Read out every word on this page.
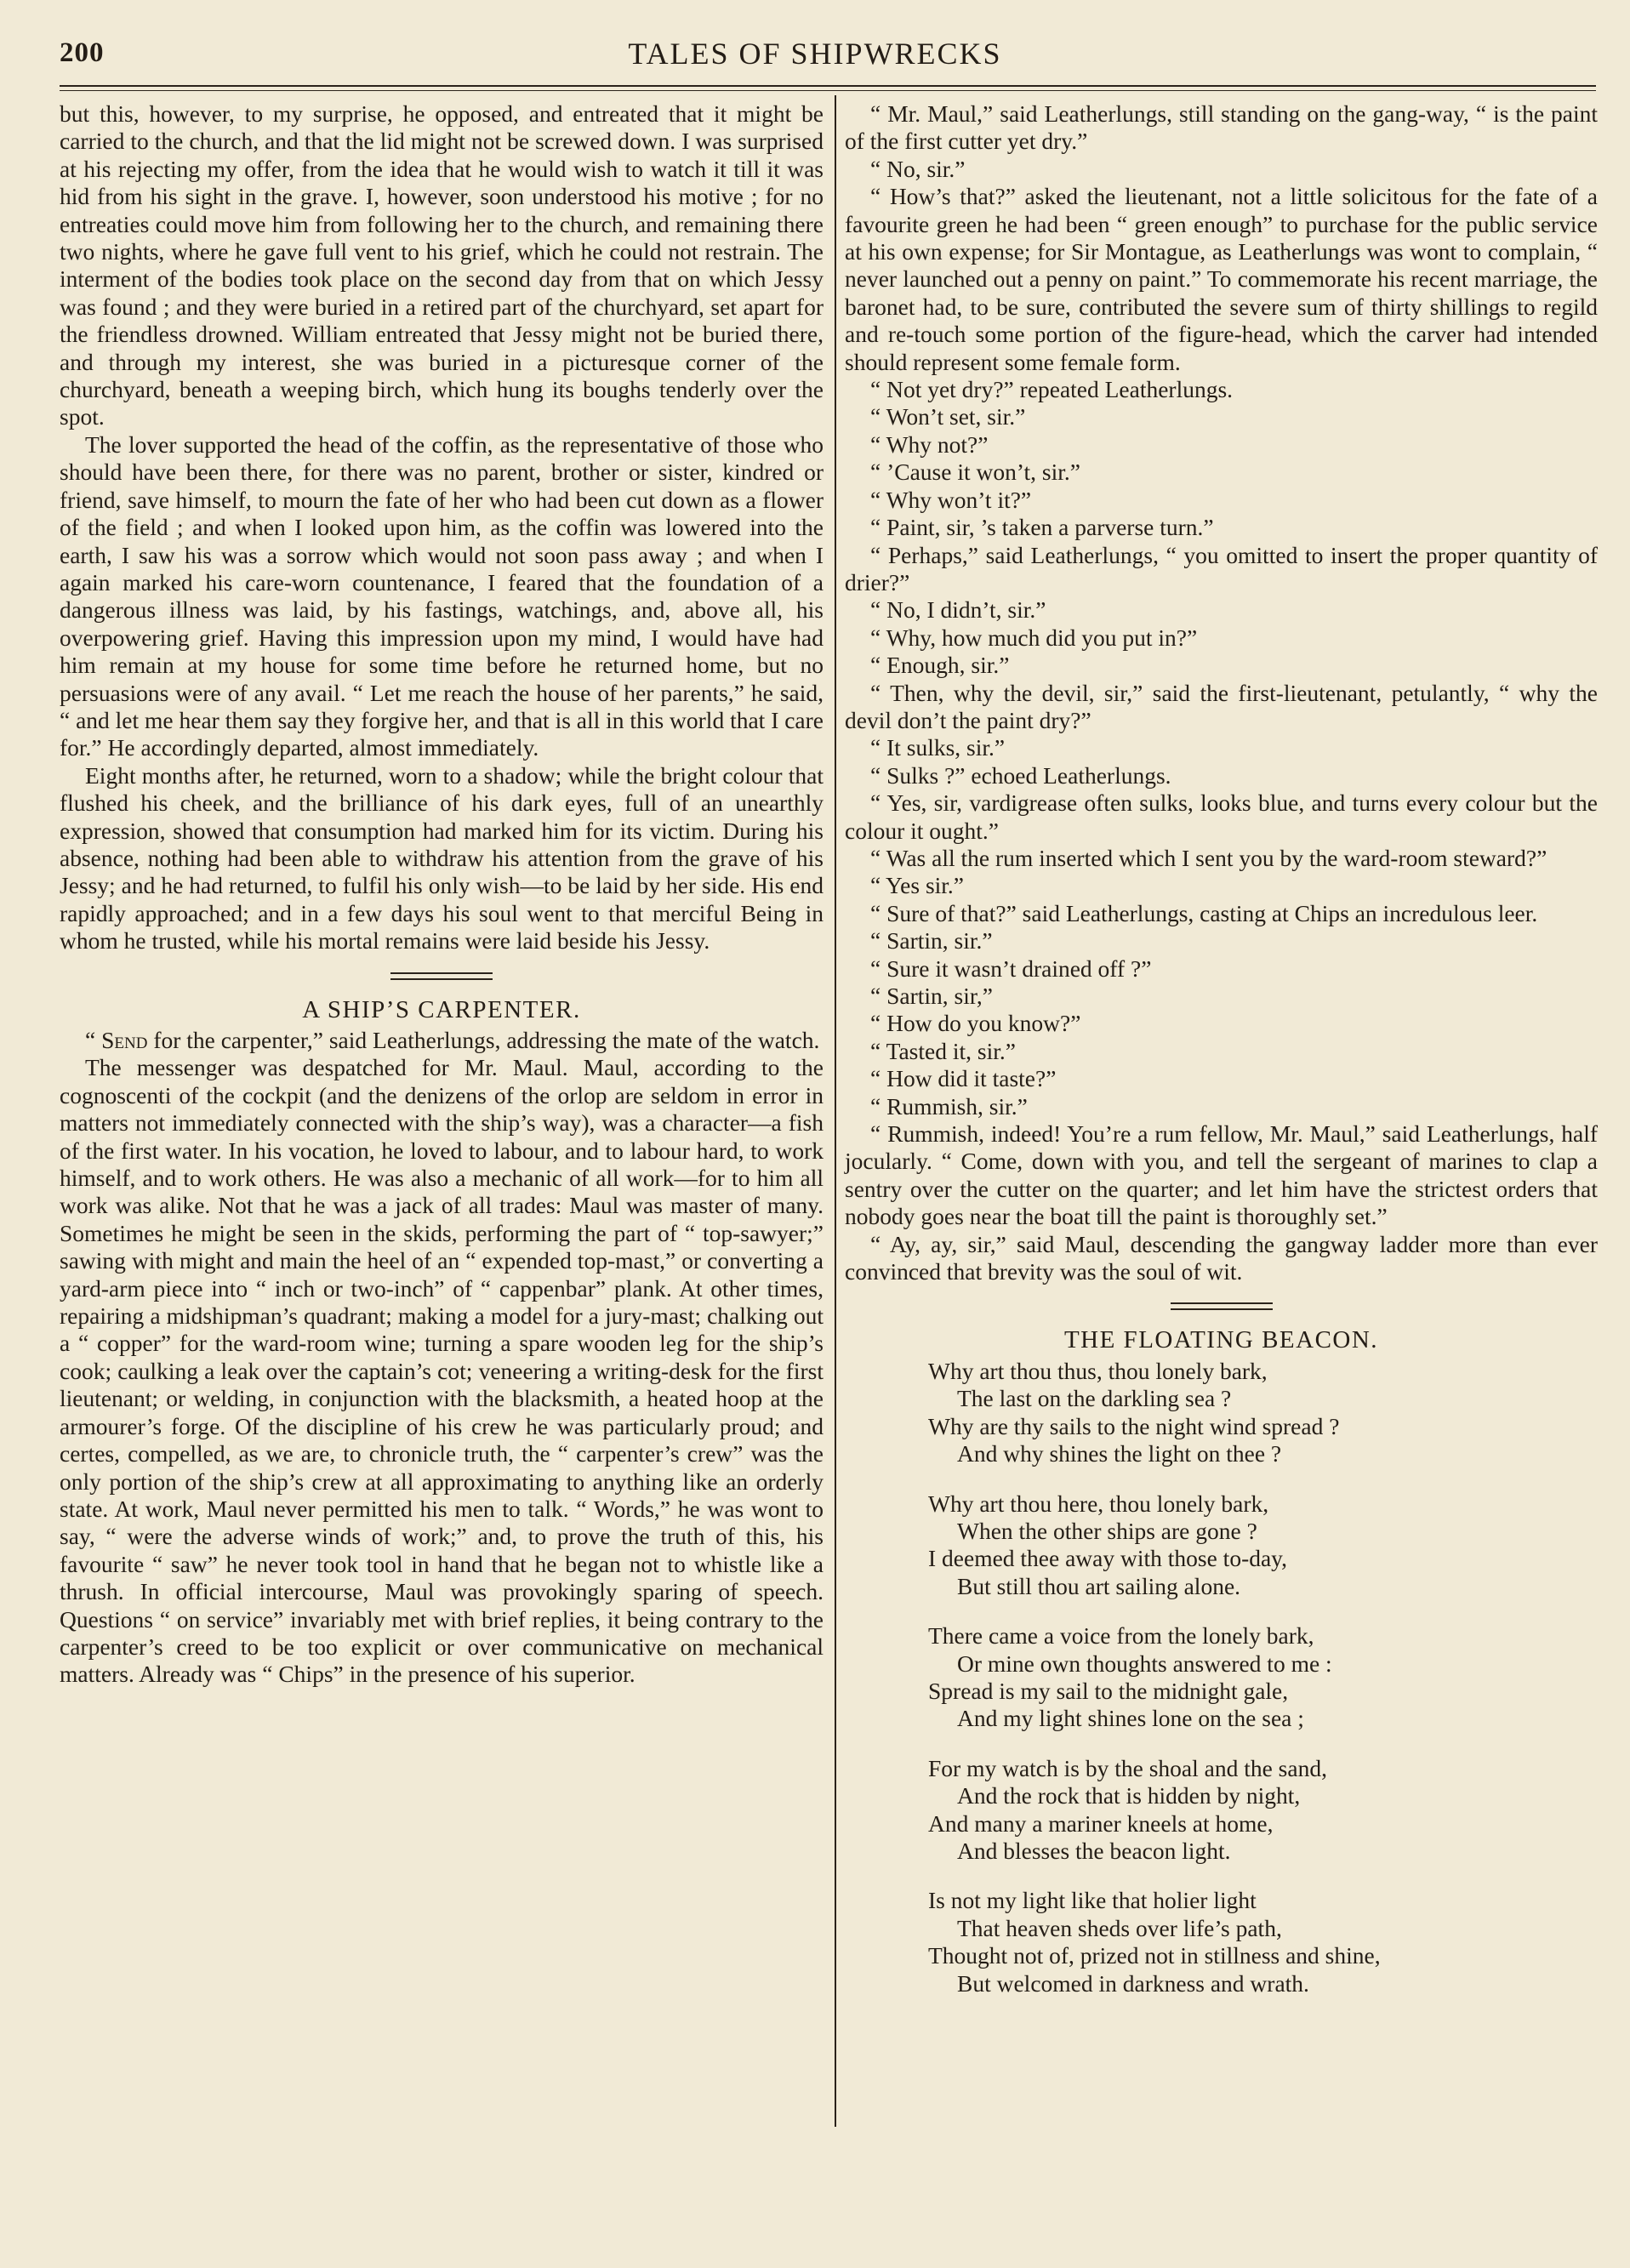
200	TALES OF SHIPWRECKS

but this, however, to my surprise, he opposed, and entreated that it might be carried to the church, and that the lid might not be screwed down. I was surprised at his rejecting my offer, from the idea that he would wish to watch it till it was hid from his sight in the grave. I, however, soon understood his motive ; for no entreaties could move him from following her to the church, and remaining there two nights, where he gave full vent to his grief, which he could not restrain. The interment of the bodies took place on the second day from that on which Jessy was found ; and they were buried in a retired part of the churchyard, set apart for the friendless drowned. William entreated that Jessy might not be buried there, and through my interest, she was buried in a picturesque corner of the churchyard, beneath a weeping birch, which hung its boughs tenderly over the spot.

The lover supported the head of the coffin, as the representative of those who should have been there, for there was no parent, brother or sister, kindred or friend, save himself, to mourn the fate of her who had been cut down as a flower of the field ; and when I looked upon him, as the coffin was lowered into the earth, I saw his was a sorrow which would not soon pass away ; and when I again marked his care-worn countenance, I feared that the foundation of a dangerous illness was laid, by his fastings, watchings, and, above all, his overpowering grief. Having this impression upon my mind, I would have had him remain at my house for some time before he returned home, but no persuasions were of any avail. “ Let me reach the house of her parents,” he said, “ and let me hear them say they forgive her, and that is all in this world that I care for.” He accordingly departed, almost immediately.

Eight months after, he returned, worn to a shadow; while the bright colour that flushed his cheek, and the brilliance of his dark eyes, full of an unearthly expression, showed that consumption had marked him for its victim. During his absence, nothing had been able to withdraw his attention from the grave of his Jessy; and he had returned, to fulfil his only wish—to be laid by her side. His end rapidly approached; and in a few days his soul went to that merciful Being in whom he trusted, while his mortal remains were laid beside his Jessy.

A SHIP’S CARPENTER.

“ Send for the carpenter,” said Leatherlungs, addressing the mate of the watch.

The messenger was despatched for Mr. Maul. Maul, according to the cognoscenti of the cockpit (and the denizens of the orlop are seldom in error in matters not immediately connected with the ship’s way), was a character—a fish of the first water. In his vocation, he loved to labour, and to labour hard, to work himself, and to work others. He was also a mechanic of all work—for to him all work was alike. Not that he was a jack of all trades: Maul was master of many. Sometimes he might be seen in the skids, performing the part of “ top-sawyer;” sawing with might and main the heel of an “ expended top-mast,” or converting a yard-arm piece into “ inch or two-inch” of “ cappenbar” plank. At other times, repairing a midshipman’s quadrant; making a model for a jury-mast; chalking out a “ copper” for the ward-room wine; turning a spare wooden leg for the ship’s cook; caulking a leak over the captain’s cot; veneering a writing-desk for the first lieutenant; or welding, in conjunction with the blacksmith, a heated hoop at the armourer’s forge. Of the discipline of his crew he was particularly proud; and certes, compelled, as we are, to chronicle truth, the “ carpenter’s crew” was the only portion of the ship’s crew at all approximating to anything like an orderly state. At work, Maul never permitted his men to talk. “ Words,” he was wont to say, “ were the adverse winds of work;” and, to prove the truth of this, his favourite “ saw” he never took tool in hand that he began not to whistle like a thrush. In official intercourse, Maul was provokingly sparing of speech. Questions “ on service” invariably met with brief replies, it being contrary to the carpenter’s creed to be too explicit or over communicative on mechanical matters. Already was “ Chips” in the presence of his superior.

“ Mr. Maul,” said Leatherlungs, still standing on the gang-way, “ is the paint of the first cutter yet dry.”

“ No, sir.”

“ How’s that?” asked the lieutenant, not a little solicitous for the fate of a favourite green he had been “ green enough” to purchase for the public service at his own expense; for Sir Montague, as Leatherlungs was wont to complain, “ never launched out a penny on paint.” To commemorate his recent marriage, the baronet had, to be sure, contributed the severe sum of thirty shillings to regild and re-touch some portion of the figure-head, which the carver had intended should represent some female form.

“ Not yet dry?” repeated Leatherlungs.

“ Won’t set, sir.”

“ Why not?”

“ ’Cause it won’t, sir.”

“ Why won’t it?”

“ Paint, sir, ’s taken a parverse turn.”

“ Perhaps,” said Leatherlungs, “ you omitted to insert the proper quantity of drier?”

“ No, I didn’t, sir.”

“ Why, how much did you put in?”

“ Enough, sir.”

“ Then, why the devil, sir,” said the first-lieutenant, petulantly, “ why the devil don’t the paint dry?”

“ It sulks, sir.”

“ Sulks ?” echoed Leatherlungs.

“ Yes, sir, vardigrease often sulks, looks blue, and turns every colour but the colour it ought.”

“ Was all the rum inserted which I sent you by the ward-room steward?”

“ Yes sir.”

“ Sure of that?” said Leatherlungs, casting at Chips an incredulous leer.

“ Sartin, sir.”

“ Sure it wasn’t drained off ?”

“ Sartin, sir,”

“ How do you know?”

“ Tasted it, sir.”

“ How did it taste?”

“ Rummish, sir.”

“ Rummish, indeed! You’re a rum fellow, Mr. Maul,” said Leatherlungs, half jocularly. “ Come, down with you, and tell the sergeant of marines to clap a sentry over the cutter on the quarter; and let him have the strictest orders that nobody goes near the boat till the paint is thoroughly set.”

“ Ay, ay, sir,” said Maul, descending the gangway ladder more than ever convinced that brevity was the soul of wit.

THE FLOATING BEACON.
Why art thou thus, thou lonely bark,
The last on the darkling sea ?
Why are thy sails to the night wind spread ?
And why shines the light on thee ?
Why art thou here, thou lonely bark,
When the other ships are gone ?
I deemed thee away with those to-day,
But still thou art sailing alone.
There came a voice from the lonely bark,
Or mine own thoughts answered to me :
Spread is my sail to the midnight gale,
And my light shines lone on the sea ;
For my watch is by the shoal and the sand,
And the rock that is hidden by night,
And many a mariner kneels at home,
And blesses the beacon light.
Is not my light like that holier light
That heaven sheds over life’s path,
Thought not of, prized not in stillness and shine,
But welcomed in darkness and wrath.
